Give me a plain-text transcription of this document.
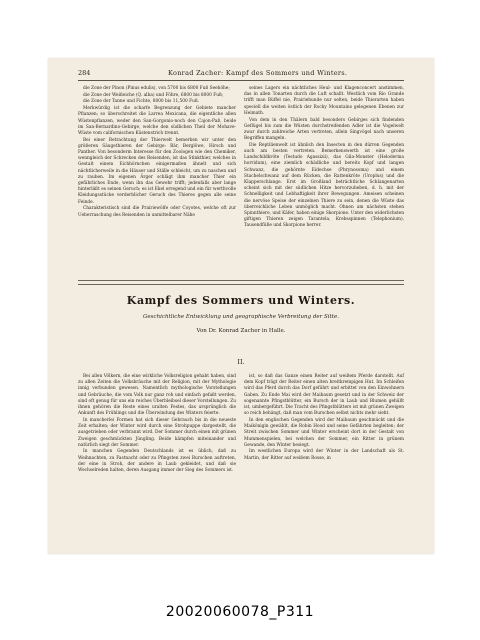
284	Konrad Zacher: Kampf des Sommers und Winters.

die Zone der Pinon (Pinus edulis), von 5700 bis 6800 Fuß Seehöhe;

die Zone der Weißeiche (Q. alba) und Föhre, 6800 bis 8000 Fuß;

die Zone der Tanne und Fichte, 8000 bis 11,500 Fuß.

Merkwürdig ist die scharfe Begrenzung der Gebiete mancher Pflanzen; so überschreitet die Larrea Mexicana, die eigentliche allen Wüstenpflanzen, weder den San-Gorgonio-noch den Cajon-Paß, beide im San-Bernardino-Gebirge, welche den südlichen Theil der Mohave-Wüste vom californischen Küstenstrich trennt.

Bei einer Betrachtung der Thierwelt bemerken wir unter den größeren Säugethieren der Gebirge: Bär, Berglöwe, Hirsch und Panther. Von besonderm Interesse für den Zoologen wie den Chemiker, wenngleich der Schrecken des Reisenden, ist das Stinkthier, welches in Gestalt einem Eichhörnchen einigermaßen ähnelt und sich nächtlicherweile in die Häuser und Ställe schleicht, um zu naschen und zu rauben. Im eigenen Ärger schlägt ihm mancher Thier ein gefährliches Ende, wenn ihn das Gewehr trifft; jedenfalls aber lange hinterläßt es seinen Geruch; es ist Ekel erregend und ein für werthvolle Kleidungsstücke verderblicher Geruch des Thieres gegen alle seine Feinde.

Charakteristisch sind die Prairiewölfe oder Coyotes, welche oft zur Ueberraschung des Reisenden in unmittelbarer Nähe

seines Lagers ein nächtliches Heul- und Klagenconcert anstimmen, das in allen Tonarten durch die Luft schallt. Westlich vom Rio Grande trifft man Büffel nie, Prairiehunde nur selten, beide Thierarten haben speciell die weiten östlich der Rocky Mountains gelegenen Ebenen zur Heimath.

Von dem in den Thälern bald besonders Gebirges sich findenden Geflügel bis zum die Wüsten durchstreifenden Adler ist die Vogelwelt zwar durch zahlreiche Arten vertreten, allein Singvögel nach unseren Begriffen mangeln.

Die Reptilienwelt ist ähnlich den Insecten in den dürren Gegenden auch am besten vertreten. Bemerkenswerth ist eine große Landschildkröte (Testudo Agassizii), das Gila-Monster (Heloderma horridum), eine ziemlich schädliche und bereits Kopf und langen Schwanz, die gehörnte Eidechse (Phrynosoma) und einem Stachelschwanz auf dem Rücken, die Rattenkröte (Uroplus) und die Klapperschlange. Erst im Großland beträchtliche Schlangenarten scheint sich mit der südlichen Hitze hervorzuheben, d. h. mit der Schnelligkeit und Lebhaftigkeit ihrer Bewegungen. Ameisen scheinen die nervöse Speise der einzelnen Thiere zu sein, denen die Wüste das überreichliche Leben unmöglich macht. Ohnen am nächsten stehen Spinnthiere, und Käfer, haben einige Skorpione. Unter den widerlichsten giftigen Thieren zeigen Tarantela, Krebsspinnen (Telephonium), Tausendfüße und Skorpione herrer.

Kampf des Sommers und Winters.
Geschichtliche Entwicklung und geographische Verbreitung der Sitte.
Von Dr. Konrad Zacher in Halle.
II.

Bei allen Völkern, die eine wirkliche Volksreligion gehabt haben, sind zu allen Zeiten die Volksbräuche mit der Religion, mit der Mythologie innig verbunden gewesen. Namentlich mythologische Vorstellungen und Gebräuche, die vom Volk nur ganz roh und einfach gefaßt werden, sind oft genug für uns ein reiches Überbleibsel dieser Vorstellungen. Zu ihnen gehören die Reste eines uralten Festes, das ursprünglich die Ankunft des Frühlings und die Überwindung des Winters feierte.

In mancherlei Formen hat sich dieser Gebrauch bis in die neueste Zeit erhalten; der Winter wird durch eine Strohpuppe dargestellt, die ausgetrieben oder verbrannt wird. Der Sommer durch einen mit grünen Zweigen geschmückten Jüngling. Beide kämpfen miteinander und natürlich siegt der Sommer.

In manchen Gegenden Deutschlands ist es üblich, daß zu Weihnachten, zu Fastnacht oder zu Pfingsten zwei Burschen auftreten, der eine in Stroh, der andere in Laub gekleidet, und daß sie Wechselreden halten, deren Ausgang immer der Sieg des Sommers ist.

ist, so daß das Ganze einen Reiter auf weißem Pferde darstellt. Auf dem Kopf trägt der Reiter einen alten breitkrempigen Hut. Im Schleifen wird das Pferd durch das Dorf geführt und erbittet von den Einwohnern Gaben. Zu Ende Mai wird der Maibaum gesetzt und in der Schweiz der sogenannte Pfingstblütter, ein Bursch der in Laub und Blumen gehüllt ist, umhergeführt. Die Tracht des Pfingstblütters ist mit grünen Zweigen so reich behängt, daß man vom Burschen selbst nichts mehr sieht.

In den englischen Gegenden wird der Maibaum geschmückt und die Maikönigin gewählt, die Robin Hood und seine Gefährten begleiten; der Streit zwischen Sommer und Winter erscheint dort in der Gestalt von Mummenspielen, bei welchen der Sommer, ein Ritter in grünem Gewande, den Winter besiegt.

Im westlichen Europa wird der Winter in der Landschaft als St. Martin, der Ritter auf weißem Rosse, in

20020060078_P311
